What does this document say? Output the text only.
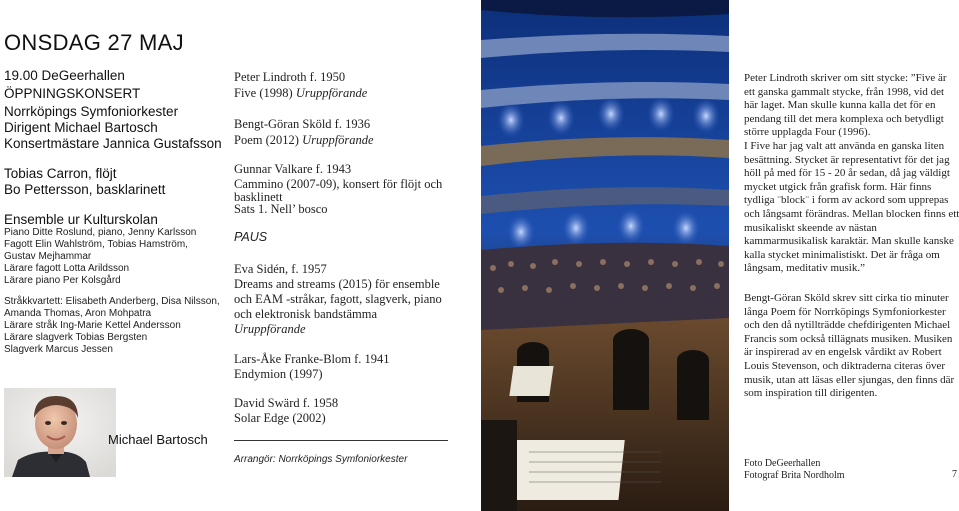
ONSDAG 27 MAJ
19.00 DeGeerhallen
ÖPPNINGSKONSERT
Norrköpings Symfoniorkester
Dirigent Michael Bartosch
Konsertmästare Jannica Gustafsson
Tobias Carron, flöjt
Bo Pettersson, basklarinett
Ensemble ur Kulturskolan
Piano Ditte Roslund, piano, Jenny Karlsson
Fagott Elin Wahlström, Tobias Hamström,
Gustav Mejhammar
Lärare fagott Lotta Arildsson
Lärare piano Per Kolsgård
Stråkkvartett: Elisabeth Anderberg, Disa Nilsson,
Amanda Thomas, Aron Mohpatra
Lärare stråk Ing-Marie Kettel Andersson
Lärare slagverk Tobias Bergsten
Slagverk Marcus Jessen
Michael Bartosch
Peter Lindroth f. 1950
Five (1998) Uruppförande
Bengt-Göran Sköld f. 1936
Poem (2012) Uruppförande
Gunnar Valkare f. 1943
Cammino (2007-09), konsert för flöjt och
basklinett
Sats 1. Nell’ bosco
PAUS
Eva Sidén, f. 1957
Dreams and streams (2015) för ensemble
och EAM -stråkar, fagott, slagverk, piano
och elektronisk bandstämma
Uruppförande
Lars-Åke Franke-Blom f. 1941
Endymion (1997)
David Swärd f. 1958
Solar Edge (2002)
Arrangör: Norrköpings Symfoniorkester
Peter Lindroth skriver om sitt stycke: ”Five är ett ganska gammalt stycke, från 1998, vid det här laget. Man skulle kunna kalla det för en pendang till det mera komplexa och betydligt större upplagda Four (1996).
I Five har jag valt att använda en ganska liten besättning. Stycket är representativt för det jag höll på med för 15 - 20 år sedan, då jag väldigt mycket utgick från grafisk form. Här finns tydliga ¨block¨ i form av ackord som upprepas och långsamt förändras. Mellan blocken finns ett musikaliskt skeende av nästan kammarmusikalisk karaktär. Man skulle kanske kalla stycket minimalistiskt. Det är fråga om långsam, meditativ musik.”
Bengt-Göran Sköld skrev sitt cirka tio minuter långa Poem för Norrköpings Symfoniorkester och den då nytillträdde chefdirigenten Michael Francis som också tillägnats musiken. Musiken är inspirerad av en engelsk vårdikt av Robert Louis Stevenson, och diktraderna citeras över musik, utan att läsas eller sjungas, den finns där som inspiration till dirigenten.
Foto DeGeerhallen
Fotograf Brita Nordholm	7
